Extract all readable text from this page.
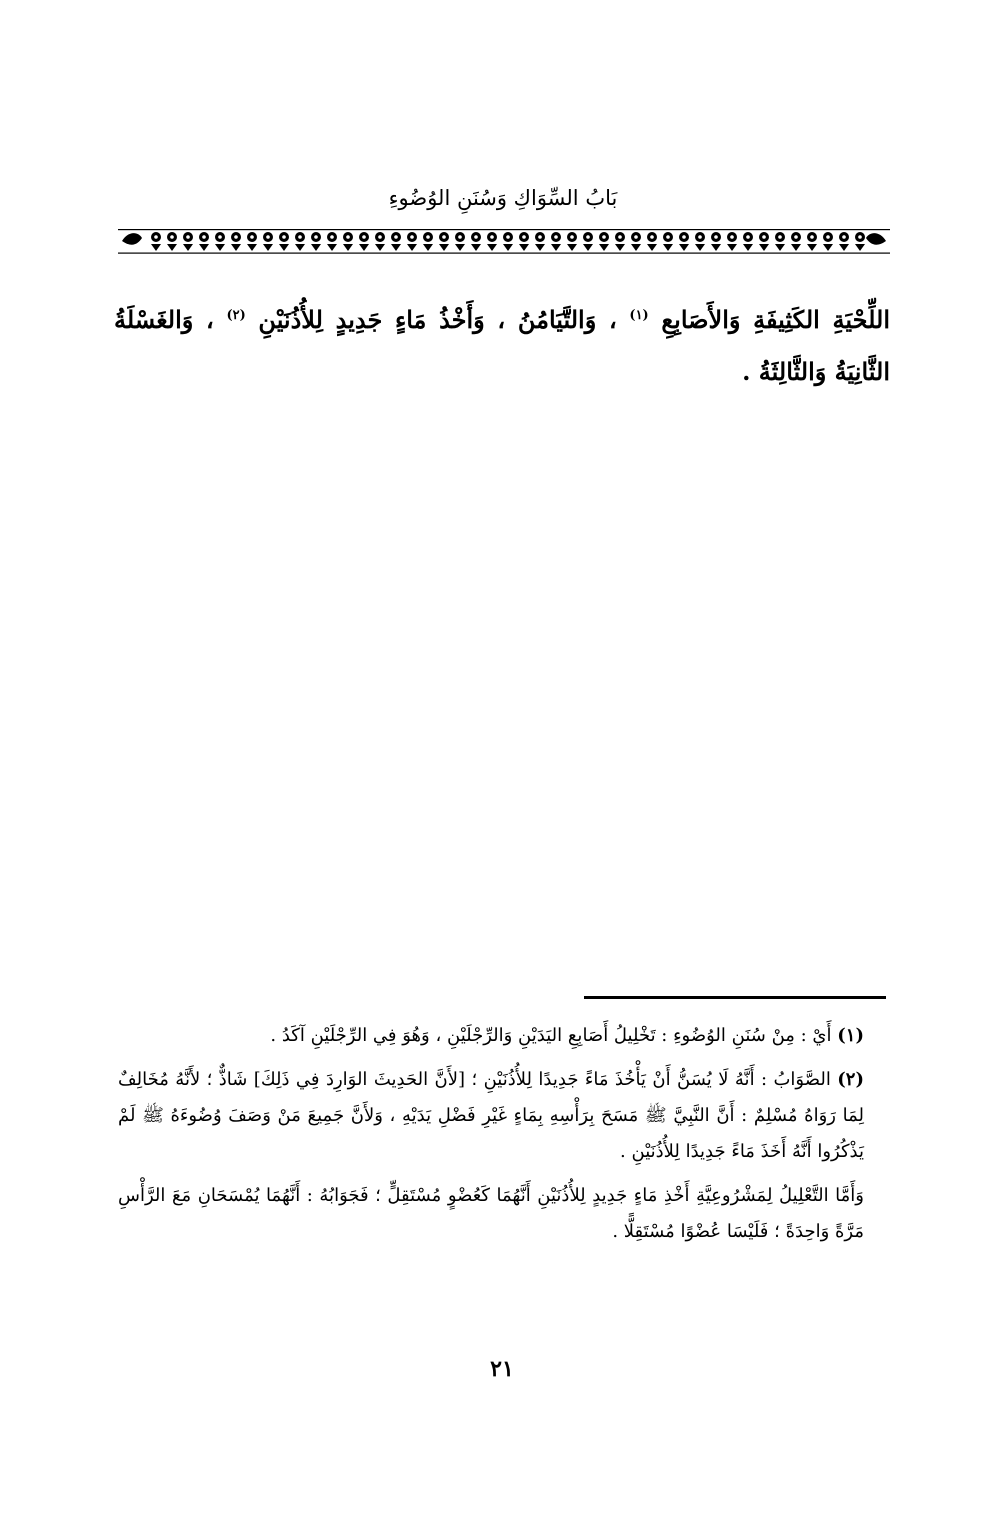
بَابُ السِّوَاكِ وَسُنَنِ الوُضُوءِ
اللِّحْيَةِ الكَثِيفَةِ وَالأَصَابِعِ $^{(١)}$ ، وَالتَّيَامُنُ ، وَأَخْذُ مَاءٍ جَدِيدٍ لِلأُذُنَيْنِ $^{(٢)}$ ، وَالغَسْلَةُ الثَّانِيَةُ وَالثَّالِثَةُ .

(١) أَيْ : مِنْ سُنَنِ الوُضُوءِ : تَخْلِيلُ أَصَابِعِ اليَدَيْنِ وَالرِّجْلَيْنِ ، وَهُوَ فِي الرِّجْلَيْنِ آكَدُ .

(٢) الصَّوَابُ : أَنَّهُ لَا يُسَنُّ أَنْ يَأْخُذَ مَاءً جَدِيدًا لِلأُذُنَيْنِ ؛ [لأَنَّ الحَدِيثَ الوَارِدَ فِي ذَلِكَ] شَاذٌّ ؛ لأَنَّهُ مُخَالِفٌ لِمَا رَوَاهُ مُسْلِمٌ : أَنَّ النَّبِيَّ ﷺ مَسَحَ بِرَأْسِهِ بِمَاءٍ غَيْرِ فَضْلِ يَدَيْهِ ، وَلأَنَّ جَمِيعَ مَنْ وَصَفَ وُضُوءَهُ ﷺ لَمْ يَذْكُرُوا أَنَّهُ أَخَذَ مَاءً جَدِيدًا لِلأُذُنَيْنِ .

وَأَمَّا التَّعْلِيلُ لِمَشْرُوعِيَّةِ أَخْذِ مَاءٍ جَدِيدٍ لِلأُذُنَيْنِ أَنَّهُمَا كَعُضْوٍ مُسْتَقِلٍّ ؛ فَجَوَابُهُ : أَنَّهُمَا يُمْسَحَانِ مَعَ الرَّأْسِ مَرَّةً وَاحِدَةً ؛ فَلَيْسَا عُضْوًا مُسْتَقِلًّا .

٢١
